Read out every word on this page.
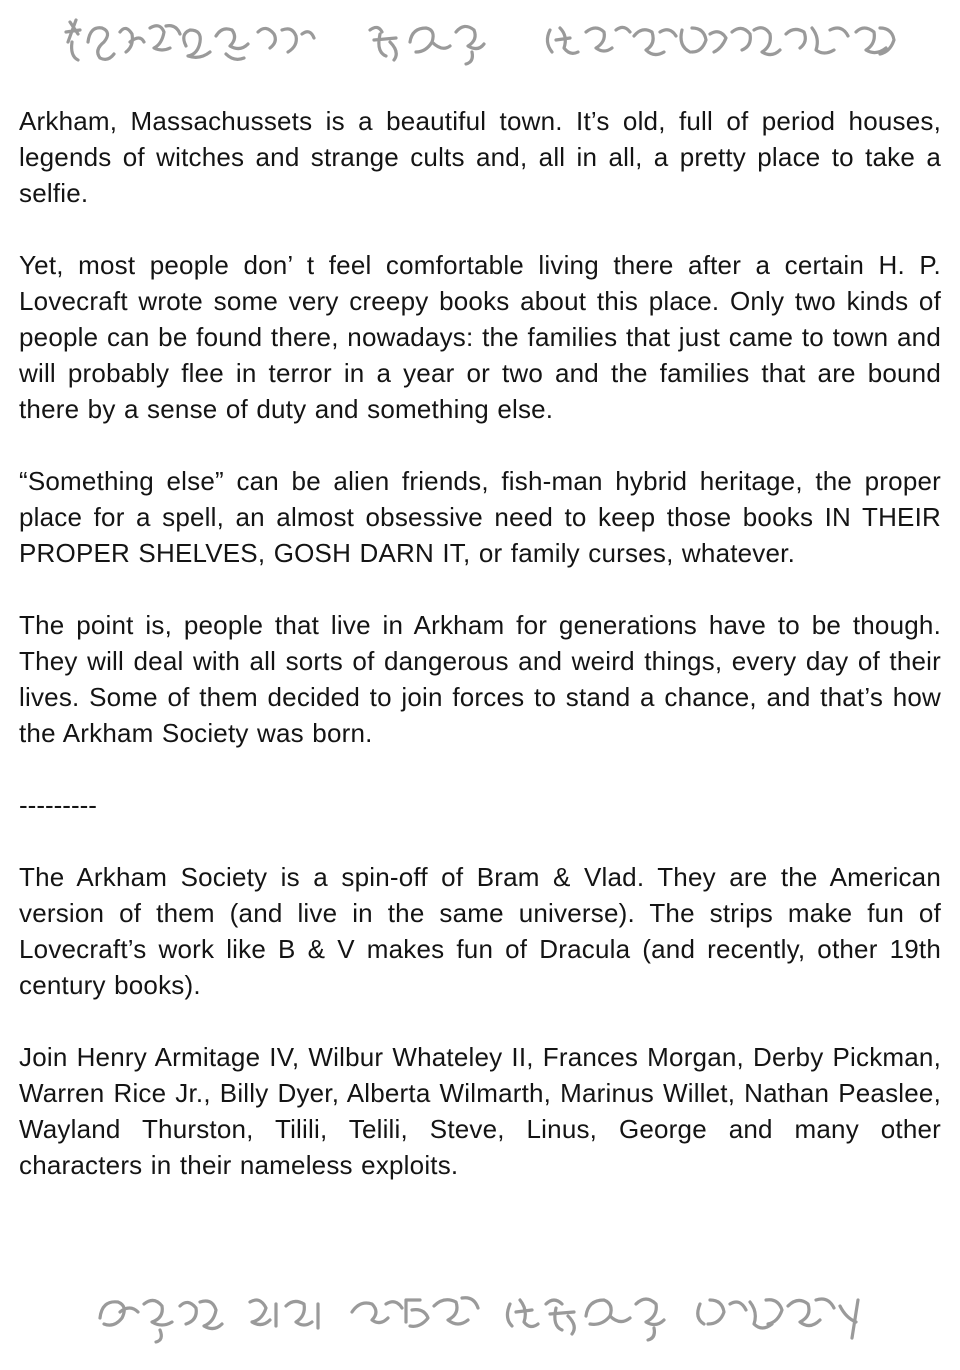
Arkham, Massachussets is a beautiful town. It’s old, full of period houses, legends of witches and strange cults and, all in all, a pretty place to take a selfie.

Yet, most people don’ t feel comfortable living there after a certain H. P. Lovecraft wrote some very creepy books about this place. Only two kinds of people can be found there, nowadays: the families that just came to town and will probably flee in terror in a year or two and the families that are bound there by a sense of duty and something else.

“Something else” can be alien friends, fish-man hybrid heritage, the proper place for a spell, an almost obsessive need to keep those books IN THEIR PROPER SHELVES, GOSH DARN IT, or family curses, whatever.

The point is, people that live in Arkham for generations have to be though. They will deal with all sorts of dangerous and weird things, every day of their lives. Some of them decided to join forces to stand a chance, and that’s how the Arkham Society was born.

---------

The Arkham Society is a spin-off of Bram & Vlad. They are the American version of them (and live in the same universe). The strips make fun of Lovecraft’s work like B & V makes fun of Dracula (and recently, other 19th century books).

Join Henry Armitage IV, Wilbur Whateley II, Frances Morgan, Derby Pickman, Warren Rice Jr., Billy Dyer, Alberta Wilmarth, Marinus Willet, Nathan Peaslee, Wayland Thurston, Tilili, Telili, Steve, Linus, George and many other characters in their nameless exploits.
